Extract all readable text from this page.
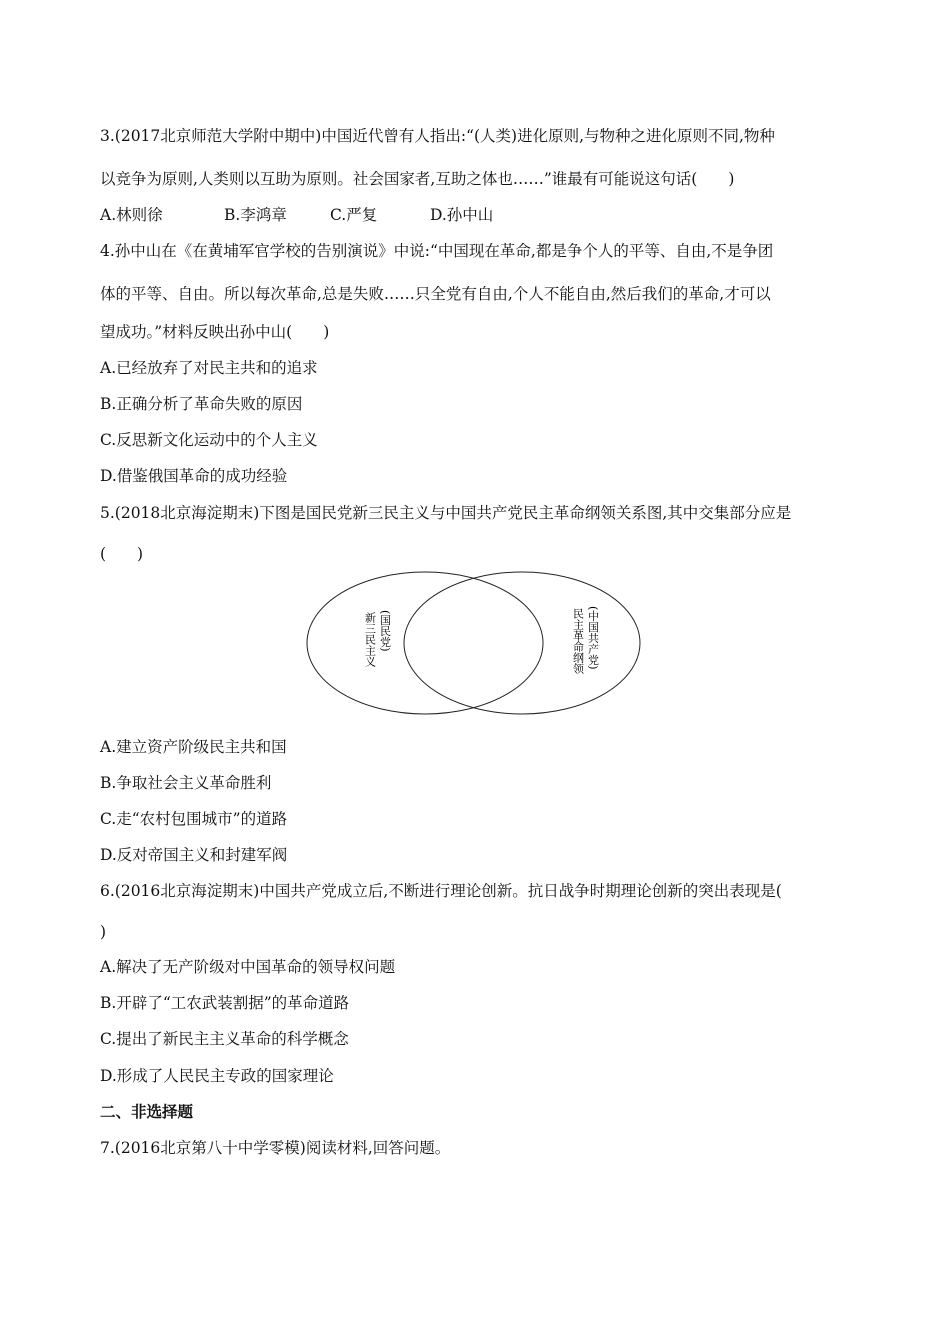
3.(2017北京师范大学附中期中)中国近代曾有人指出:“(人类)进化原则,与物种之进化原则不同,物种
以竞争为原则,人类则以互助为原则。社会国家者,互助之体也……”谁最有可能说这句话(　　)
A.林则徐	B.李鸿章	C.严复	D.孙中山
4.孙中山在《在黄埔军官学校的告别演说》中说:“中国现在革命,都是争个人的平等、自由,不是争团
体的平等、自由。所以每次革命,总是失败……只全党有自由,个人不能自由,然后我们的革命,才可以
望成功。”材料反映出孙中山(　　)
A.已经放弃了对民主共和的追求
B.正确分析了革命失败的原因
C.反思新文化运动中的个人主义
D.借鉴俄国革命的成功经验
5.(2018北京海淀期末)下图是国民党新三民主义与中国共产党民主革命纲领关系图,其中交集部分应是
(　　)
新三民主义 (国民党)	民主革命纲领 (中国共产党)
A.建立资产阶级民主共和国
B.争取社会主义革命胜利
C.走“农村包围城市”的道路
D.反对帝国主义和封建军阀
6.(2016北京海淀期末)中国共产党成立后,不断进行理论创新。抗日战争时期理论创新的突出表现是(
)
A.解决了无产阶级对中国革命的领导权问题
B.开辟了“工农武装割据”的革命道路
C.提出了新民主主义革命的科学概念
D.形成了人民民主专政的国家理论
二、非选择题
7.(2016北京第八十中学零模)阅读材料,回答问题。
